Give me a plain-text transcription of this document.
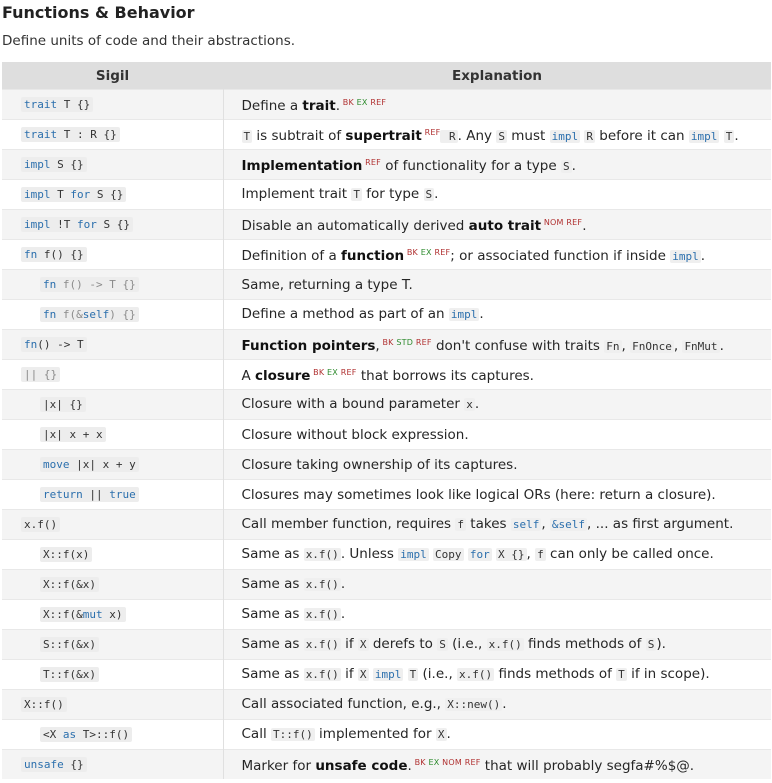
Functions & Behavior

Define units of code and their abstractions.

Sigil	Explanation
trait T {}	Define a trait. $^{BK EX REF}$
trait T : R {}	T is subtrait of supertrait $^{REF}$ R . Any S must impl R before it can impl T .
impl S {}	Implementation $^{REF}$ of functionality for a type S .
impl T for S {}	Implement trait T for type S .
impl !T for S {}	Disable an automatically derived auto trait $^{NOM REF}$.
fn f() {}	Definition of a function $^{BK EX REF}$; or associated function if inside impl .
fn f() -> T {}	Same, returning a type T.
fn f(&self) {}	Define a method as part of an impl .
fn() -> T	Function pointers, $^{BK STD REF}$ don't confuse with traits Fn , FnOnce , FnMut .
|| {}	A closure $^{BK EX REF}$ that borrows its captures.
|x| {}	Closure with a bound parameter x .
|x| x + x	Closure without block expression.
move |x| x + y	Closure taking ownership of its captures.
return || true	Closures may sometimes look like logical ORs (here: return a closure).
x.f()	Call member function, requires f takes self , &self , ... as first argument.
X::f(x)	Same as x.f() . Unless impl Copy for X {} , f can only be called once.
X::f(&x)	Same as x.f() .
X::f(&mut x)	Same as x.f() .
S::f(&x)	Same as x.f() if X derefs to S (i.e., x.f() finds methods of S ).
T::f(&x)	Same as x.f() if X impl T (i.e., x.f() finds methods of T if in scope).
X::f()	Call associated function, e.g., X::new() .
<X as T>::f()	Call T::f() implemented for X .
unsafe {}	Marker for unsafe code. $^{BK EX NOM REF}$ that will probably segfa#%$@.
